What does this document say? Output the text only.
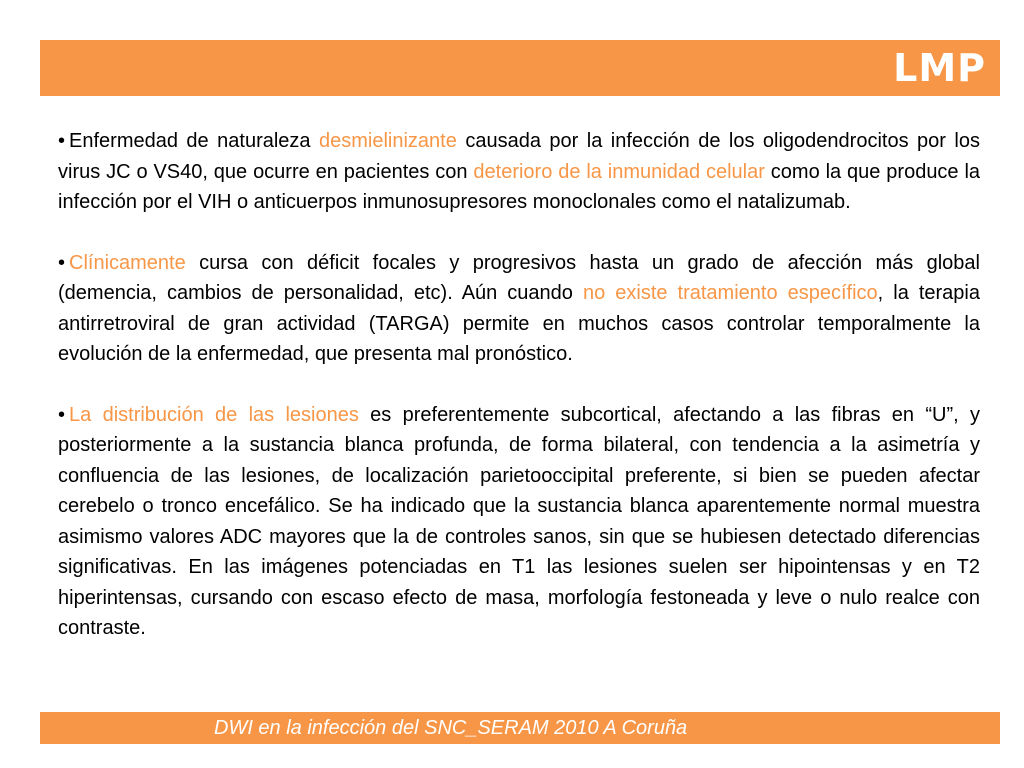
LMP

• Enfermedad de naturaleza desmielinizante causada por la infección de los oligodendrocitos por los virus JC o VS40, que ocurre en pacientes con deterioro de la inmunidad celular como la que produce la infección por el VIH o anticuerpos inmunosupresores monoclonales como el natalizumab.

• Clínicamente cursa con déficit focales y progresivos hasta un grado de afección más global (demencia, cambios de personalidad, etc). Aún cuando no existe tratamiento específico, la terapia antirretroviral de gran actividad (TARGA) permite en muchos casos controlar temporalmente la evolución de la enfermedad, que presenta mal pronóstico.

• La distribución de las lesiones es preferentemente subcortical, afectando a las fibras en “U”, y posteriormente a la sustancia blanca profunda, de forma bilateral, con tendencia a la asimetría y confluencia de las lesiones, de localización parietooccipital preferente, si bien se pueden afectar cerebelo o tronco encefálico. Se ha indicado que la sustancia blanca aparentemente normal muestra asimismo valores ADC mayores que la de controles sanos, sin que se hubiesen detectado diferencias significativas. En las imágenes potenciadas en T1 las lesiones suelen ser hipointensas y en T2 hiperintensas, cursando con escaso efecto de masa, morfología festoneada y leve o nulo realce con contraste.

DWI en la infección del SNC_SERAM 2010 A Coruña
